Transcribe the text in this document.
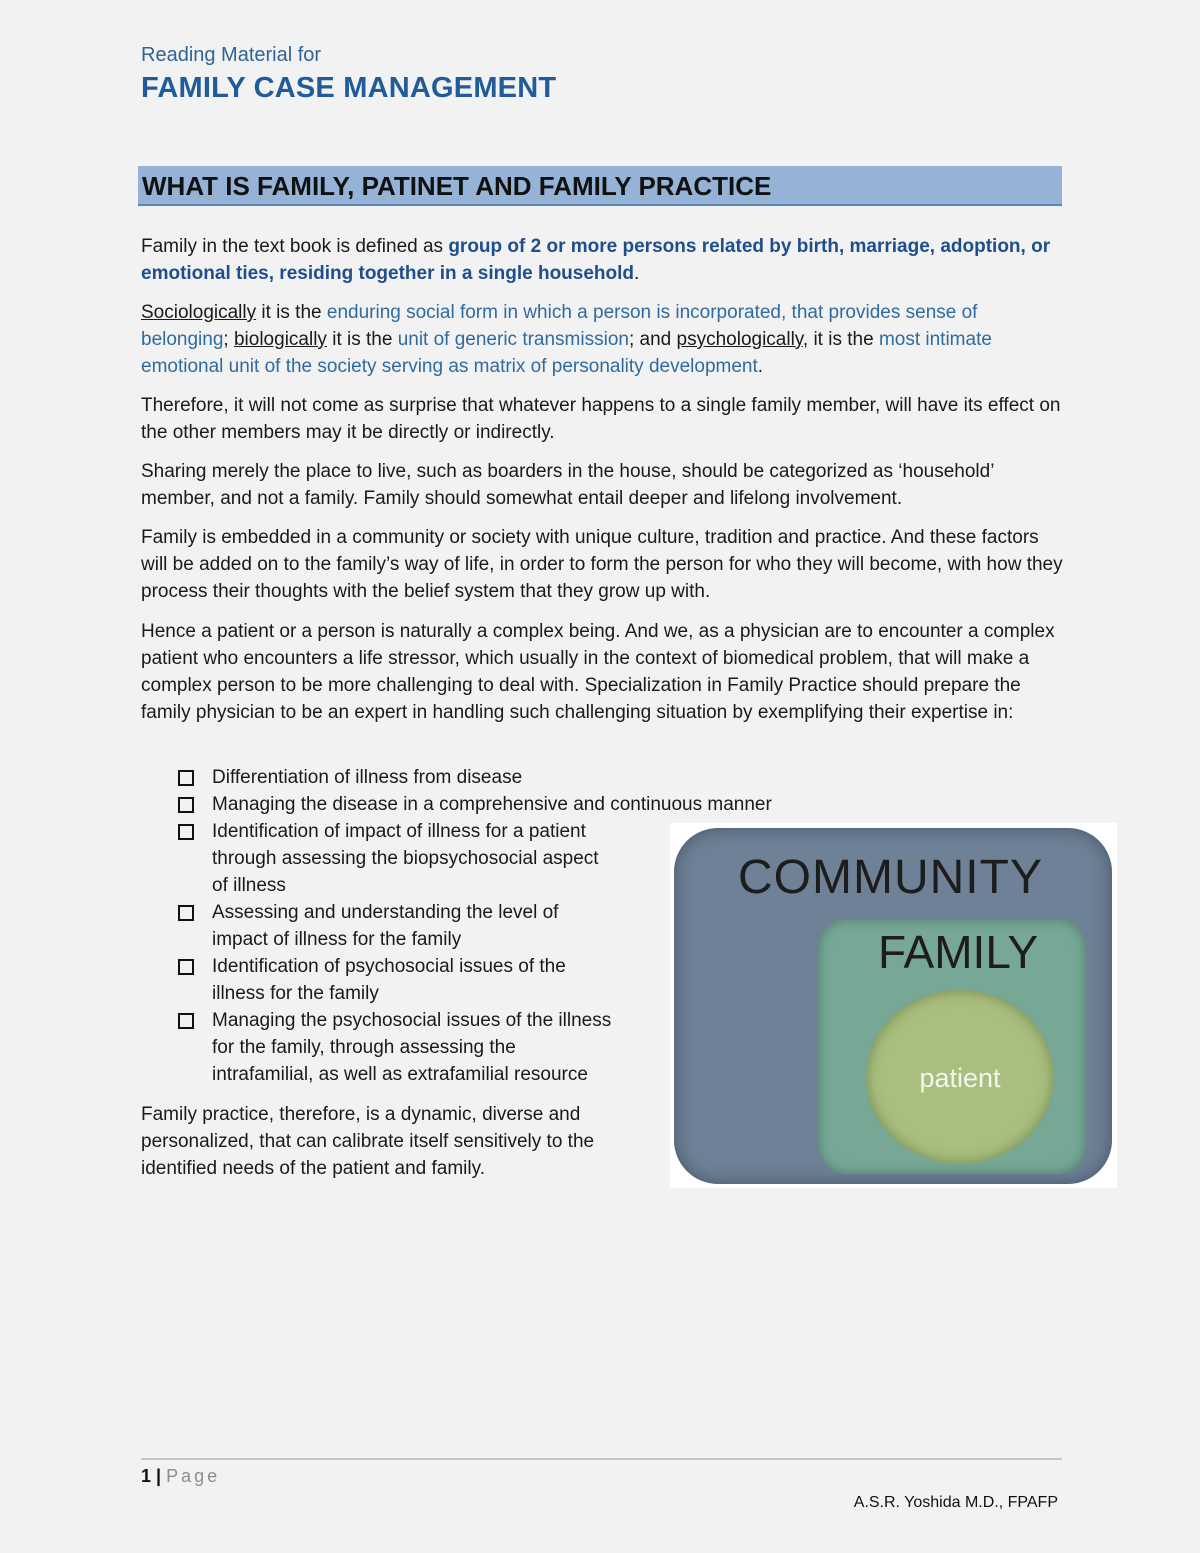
Reading Material for
FAMILY CASE MANAGEMENT
WHAT IS FAMILY, PATINET AND FAMILY PRACTICE
Family in the text book is defined as group of 2 or more persons related by birth, marriage, adoption, or emotional ties, residing together in a single household.
Sociologically it is the enduring social form in which a person is incorporated, that provides sense of belonging; biologically it is the unit of generic transmission; and psychologically, it is the most intimate emotional unit of the society serving as matrix of personality development.
Therefore, it will not come as surprise that whatever happens to a single family member, will have its effect on the other members may it be directly or indirectly.
Sharing merely the place to live, such as boarders in the house, should be categorized as ‘household’ member, and not a family. Family should somewhat entail deeper and lifelong involvement.
Family is embedded in a community or society with unique culture, tradition and practice. And these factors will be added on to the family’s way of life, in order to form the person for who they will become, with how they process their thoughts with the belief system that they grow up with.
Hence a patient or a person is naturally a complex being. And we, as a physician are to encounter a complex patient who encounters a life stressor, which usually in the context of biomedical problem, that will make a complex person to be more challenging to deal with. Specialization in Family Practice should prepare the family physician to be an expert in handling such challenging situation by exemplifying their expertise in:
Differentiation of illness from disease
Managing the disease in a comprehensive and continuous manner
Identification of impact of illness for a patient
through assessing the biopsychosocial aspect
of illness
Assessing and understanding the level of
impact of illness for the family
Identification of psychosocial issues of the
illness for the family
Managing the psychosocial issues of the illness
for the family, through assessing the
intrafamilial, as well as extrafamilial resource
Family practice, therefore, is a dynamic, diverse and
personalized, that can calibrate itself sensitively to the
identified needs of the patient and family.
COMMUNITY
FAMILY
patient
1 | Page
A.S.R. Yoshida M.D., FPAFP
